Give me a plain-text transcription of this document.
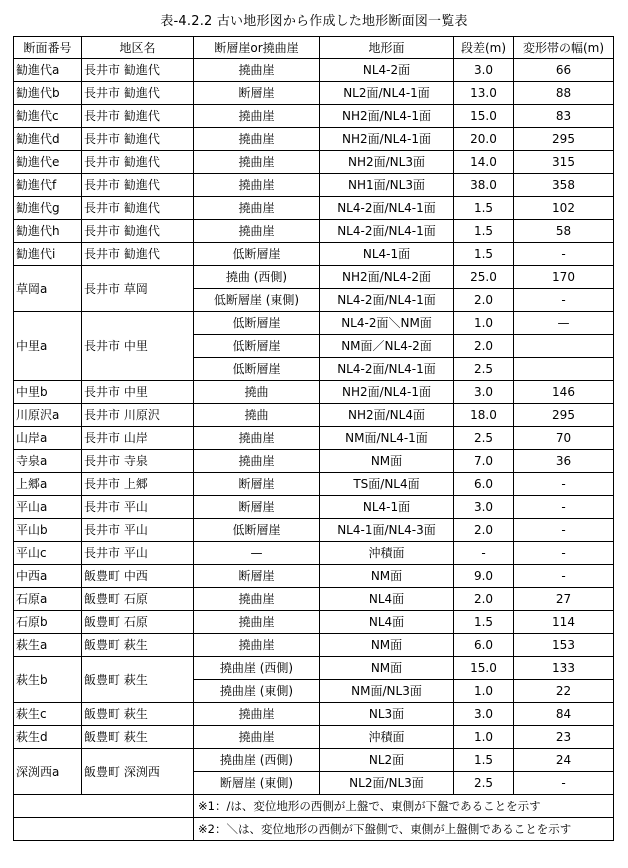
表-4.2.2 古い地形図から作成した地形断面図一覧表
断面番号	地区名	断層崖or撓曲崖	地形面	段差(m)	変形帯の幅(m)
勧進代a	長井市 勧進代	撓曲崖	NL4-2面	3.0	66
勧進代b	長井市 勧進代	断層崖	NL2面/NL4-1面	13.0	88
勧進代c	長井市 勧進代	撓曲崖	NH2面/NL4-1面	15.0	83
勧進代d	長井市 勧進代	撓曲崖	NH2面/NL4-1面	20.0	295
勧進代e	長井市 勧進代	撓曲崖	NH2面/NL3面	14.0	315
勧進代f	長井市 勧進代	撓曲崖	NH1面/NL3面	38.0	358
勧進代g	長井市 勧進代	撓曲崖	NL4-2面/NL4-1面	1.5	102
勧進代h	長井市 勧進代	撓曲崖	NL4-2面/NL4-1面	1.5	58
勧進代i	長井市 勧進代	低断層崖	NL4-1面	1.5	-
草岡a	長井市 草岡	撓曲 (西側)	NH2面/NL4-2面	25.0	170
		低断層崖 (東側)	NL4-2面/NL4-1面	2.0	-
中里a	長井市 中里	低断層崖	NL4-2面＼NM面	1.0	—
		低断層崖	NM面／NL4-2面	2.0	
		低断層崖	NL4-2面/NL4-1面	2.5	
中里b	長井市 中里	撓曲	NH2面/NL4-1面	3.0	146
川原沢a	長井市 川原沢	撓曲	NH2面/NL4面	18.0	295
山岸a	長井市 山岸	撓曲崖	NM面/NL4-1面	2.5	70
寺泉a	長井市 寺泉	撓曲崖	NM面	7.0	36
上郷a	長井市 上郷	断層崖	TS面/NL4面	6.0	-
平山a	長井市 平山	断層崖	NL4-1面	3.0	-
平山b	長井市 平山	低断層崖	NL4-1面/NL4-3面	2.0	-
平山c	長井市 平山	—	沖積面	-	-
中西a	飯豊町 中西	断層崖	NM面	9.0	-
石原a	飯豊町 石原	撓曲崖	NL4面	2.0	27
石原b	飯豊町 石原	撓曲崖	NL4面	1.5	114
萩生a	飯豊町 萩生	撓曲崖	NM面	6.0	153
萩生b	飯豊町 萩生	撓曲崖 (西側)	NM面	15.0	133
		撓曲崖 (東側)	NM面/NL3面	1.0	22
萩生c	飯豊町 萩生	撓曲崖	NL3面	3.0	84
萩生d	飯豊町 萩生	撓曲崖	沖積面	1.0	23
深渕西a	飯豊町 深渕西	撓曲崖 (西側)	NL2面	1.5	24
		断層崖 (東側)	NL2面/NL3面	2.5	-
		※1：/は、変位地形の西側が上盤で、東側が下盤であることを示す			
		※2：＼は、変位地形の西側が下盤側で、東側が上盤側であることを示す			
